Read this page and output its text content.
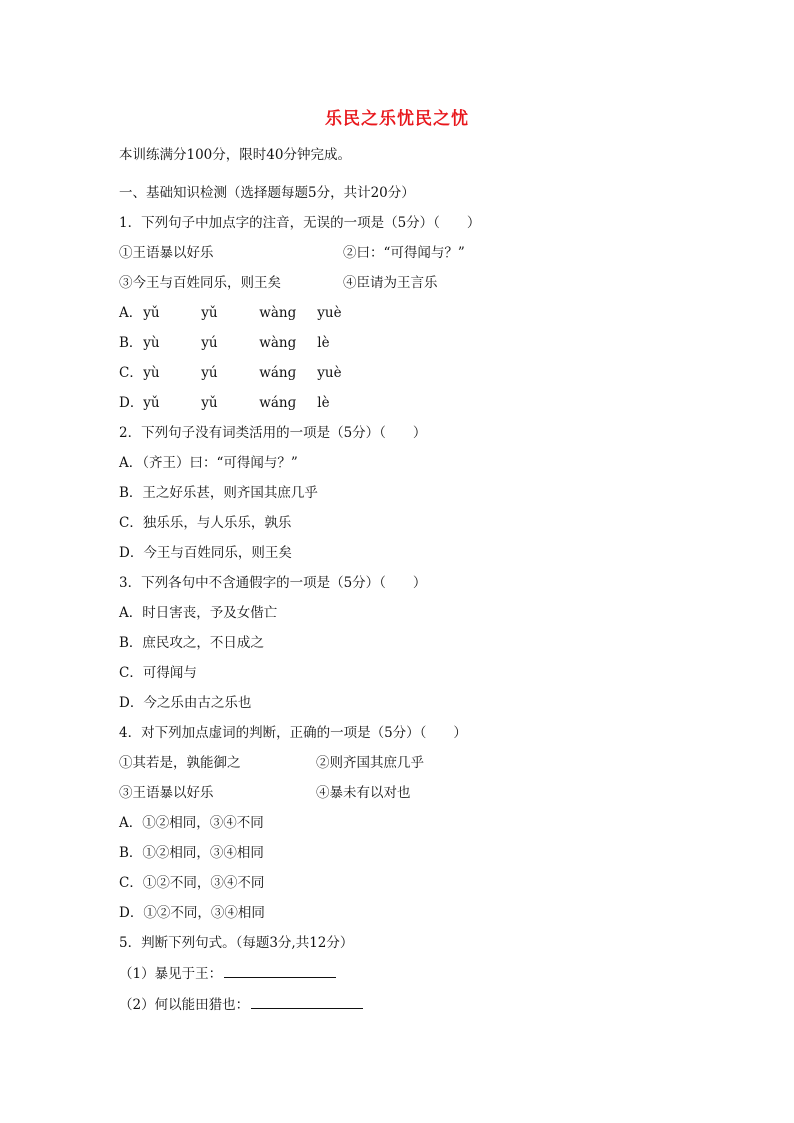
乐民之乐忧民之忧
本训练满分100分，限时40分钟完成。
一、基础知识检测（选择题每题5分，共计20分）
1．下列句子中加点字的注音，无误的一项是（5分）（　　）
①王语暴以好乐	②曰：“可得闻与？”
③今王与百姓同乐，则王矣	④臣请为王言乐
A． yǔ	yǔ	wàng yuè
B． yù	yú	wàng lè
C． yù	yú	wánɡ yuè
D． yǔ	yǔ	wánɡ lè
2．下列句子没有词类活用的一项是（5分）（　　）
A．（齐王）曰：“可得闻与？”
B．王之好乐甚，则齐国其庶几乎
C．独乐乐，与人乐乐，孰乐
D．今王与百姓同乐，则王矣
3．下列各句中不含通假字的一项是（5分）（　　）
A．时日害丧，予及女偕亡
B．庶民攻之，不日成之
C．可得闻与
D．今之乐由古之乐也
4．对下列加点虚词的判断，正确的一项是（5分）（　　）
①其若是，孰能御之	②则齐国其庶几乎
③王语暴以好乐	④暴未有以对也
A．①②相同，③④不同
B．①②相同，③④相同
C．①②不同，③④不同
D．①②不同，③④相同
5．判断下列句式。（每题3分,共12分）
（1）暴见于王：
（2）何以能田猎也：
